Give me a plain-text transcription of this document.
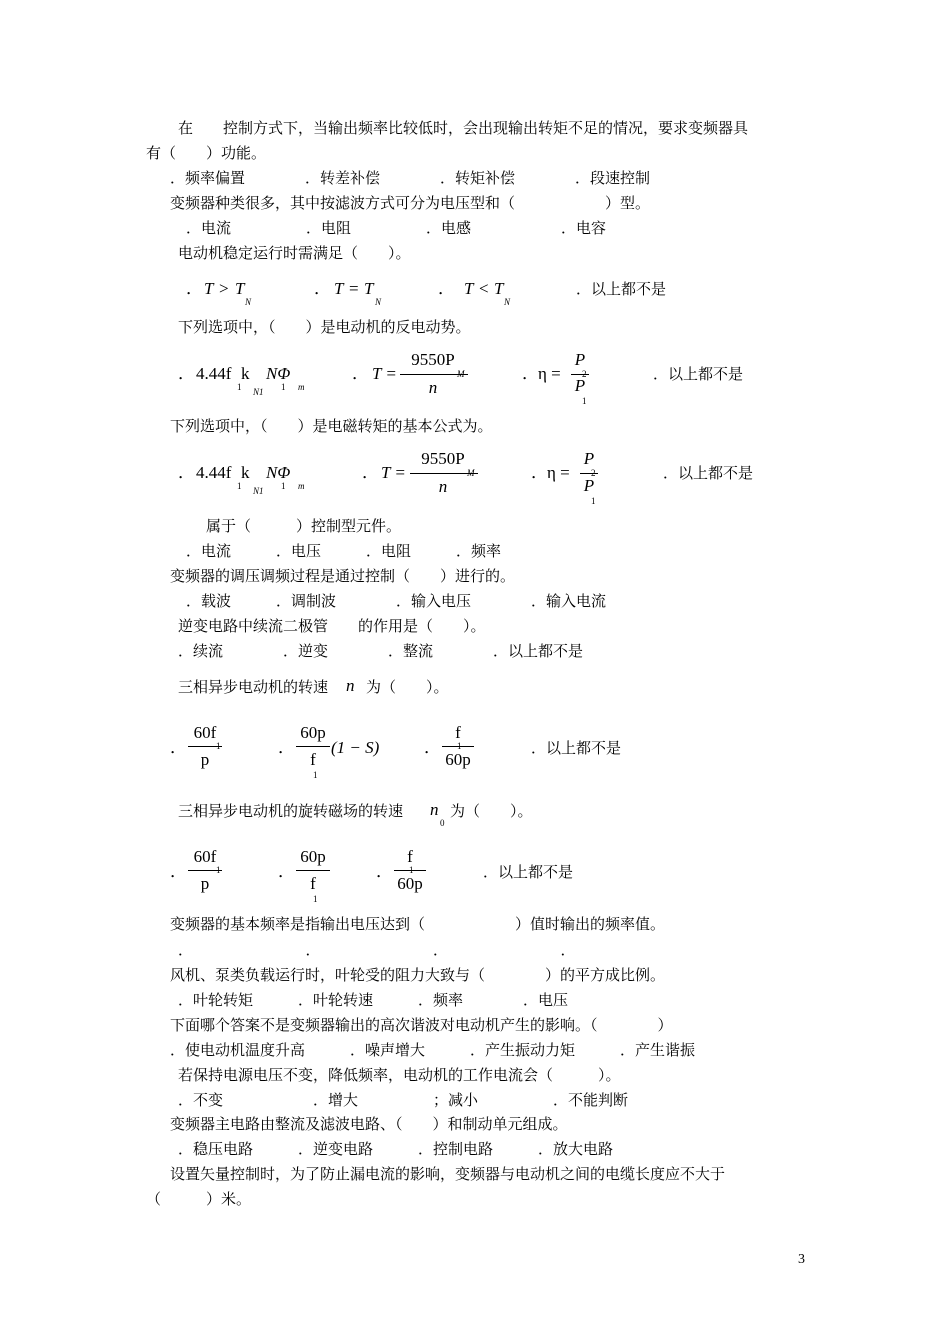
在　　控制方式下，当输出频率比较低时，会出现输出转矩不足的情况，要求变频器具
有（　　）功能。
．频率偏置　　　　．转差补偿　　　　．转矩补偿　　　　．段速控制
变频器种类很多，其中按滤波方式可分为电压型和（　　　　　　）型。
．电流　　　　　．电阻　　　　　．电感　　　　　　．电容
电动机稳定运行时需满足（　　）。
． T > T
N
． T = T
N
． T < T
N
．以上都不是
下列选项中，（　　）是电动机的反电动势。
． 4.44f k NΦ
1 N1 1 m
． T =
9550P
M
n
． η =
P
2
P
1
．以上都不是
下列选项中，（　　）是电磁转矩的基本公式为。
． 4.44f k NΦ
1 N1 1 m
． T =
9550P
M
n
． η =
P
2
P
1
．以上都不是
属于（　　　）控制型元件。
．电流　　　．电压　　　．电阻　　　．频率
变频器的调压调频过程是通过控制（　　）进行的。
．载波　　　．调制波　　　　．输入电压　　　　．输入电流
逆变电路中续流二极管　　的作用是（　　）。
．续流　　　　．逆变　　　　．整流　　　　．以上都不是
三相异步电动机的转速 n 为（　　）。
．
60f
1
p
．
60p
f
1
(1 − S)	．
f
1
60p
．以上都不是
三相异步电动机的旋转磁场的转速 n
0
为（　　）。
．
60f
1
p
．
60p
f
1
．
f
1
60p
．以上都不是
变频器的基本频率是指输出电压达到（　　　　　　）值时输出的频率值。
．　　　　　　　　．　　　　　　　　．　　　　　　　　．
风机、泵类负载运行时，叶轮受的阻力大致与（　　　　）的平方成比例。
．叶轮转矩　　　．叶轮转速　　　．频率　　　　．电压
下面哪个答案不是变频器输出的高次谐波对电动机产生的影响。（　　　　）
．使电动机温度升高　　　．噪声增大　　　．产生振动力矩　　　．产生谐振
若保持电源电压不变，降低频率，电动机的工作电流会（　　　）。
．不变　　　　　　．增大　　　　　；减小　　　　　．不能判断
变频器主电路由整流及滤波电路、（　　）和制动单元组成。
．稳压电路　　　．逆变电路　　　．控制电路　　　．放大电路
设置矢量控制时，为了防止漏电流的影响，变频器与电动机之间的电缆长度应不大于
（　　　）米。
3
